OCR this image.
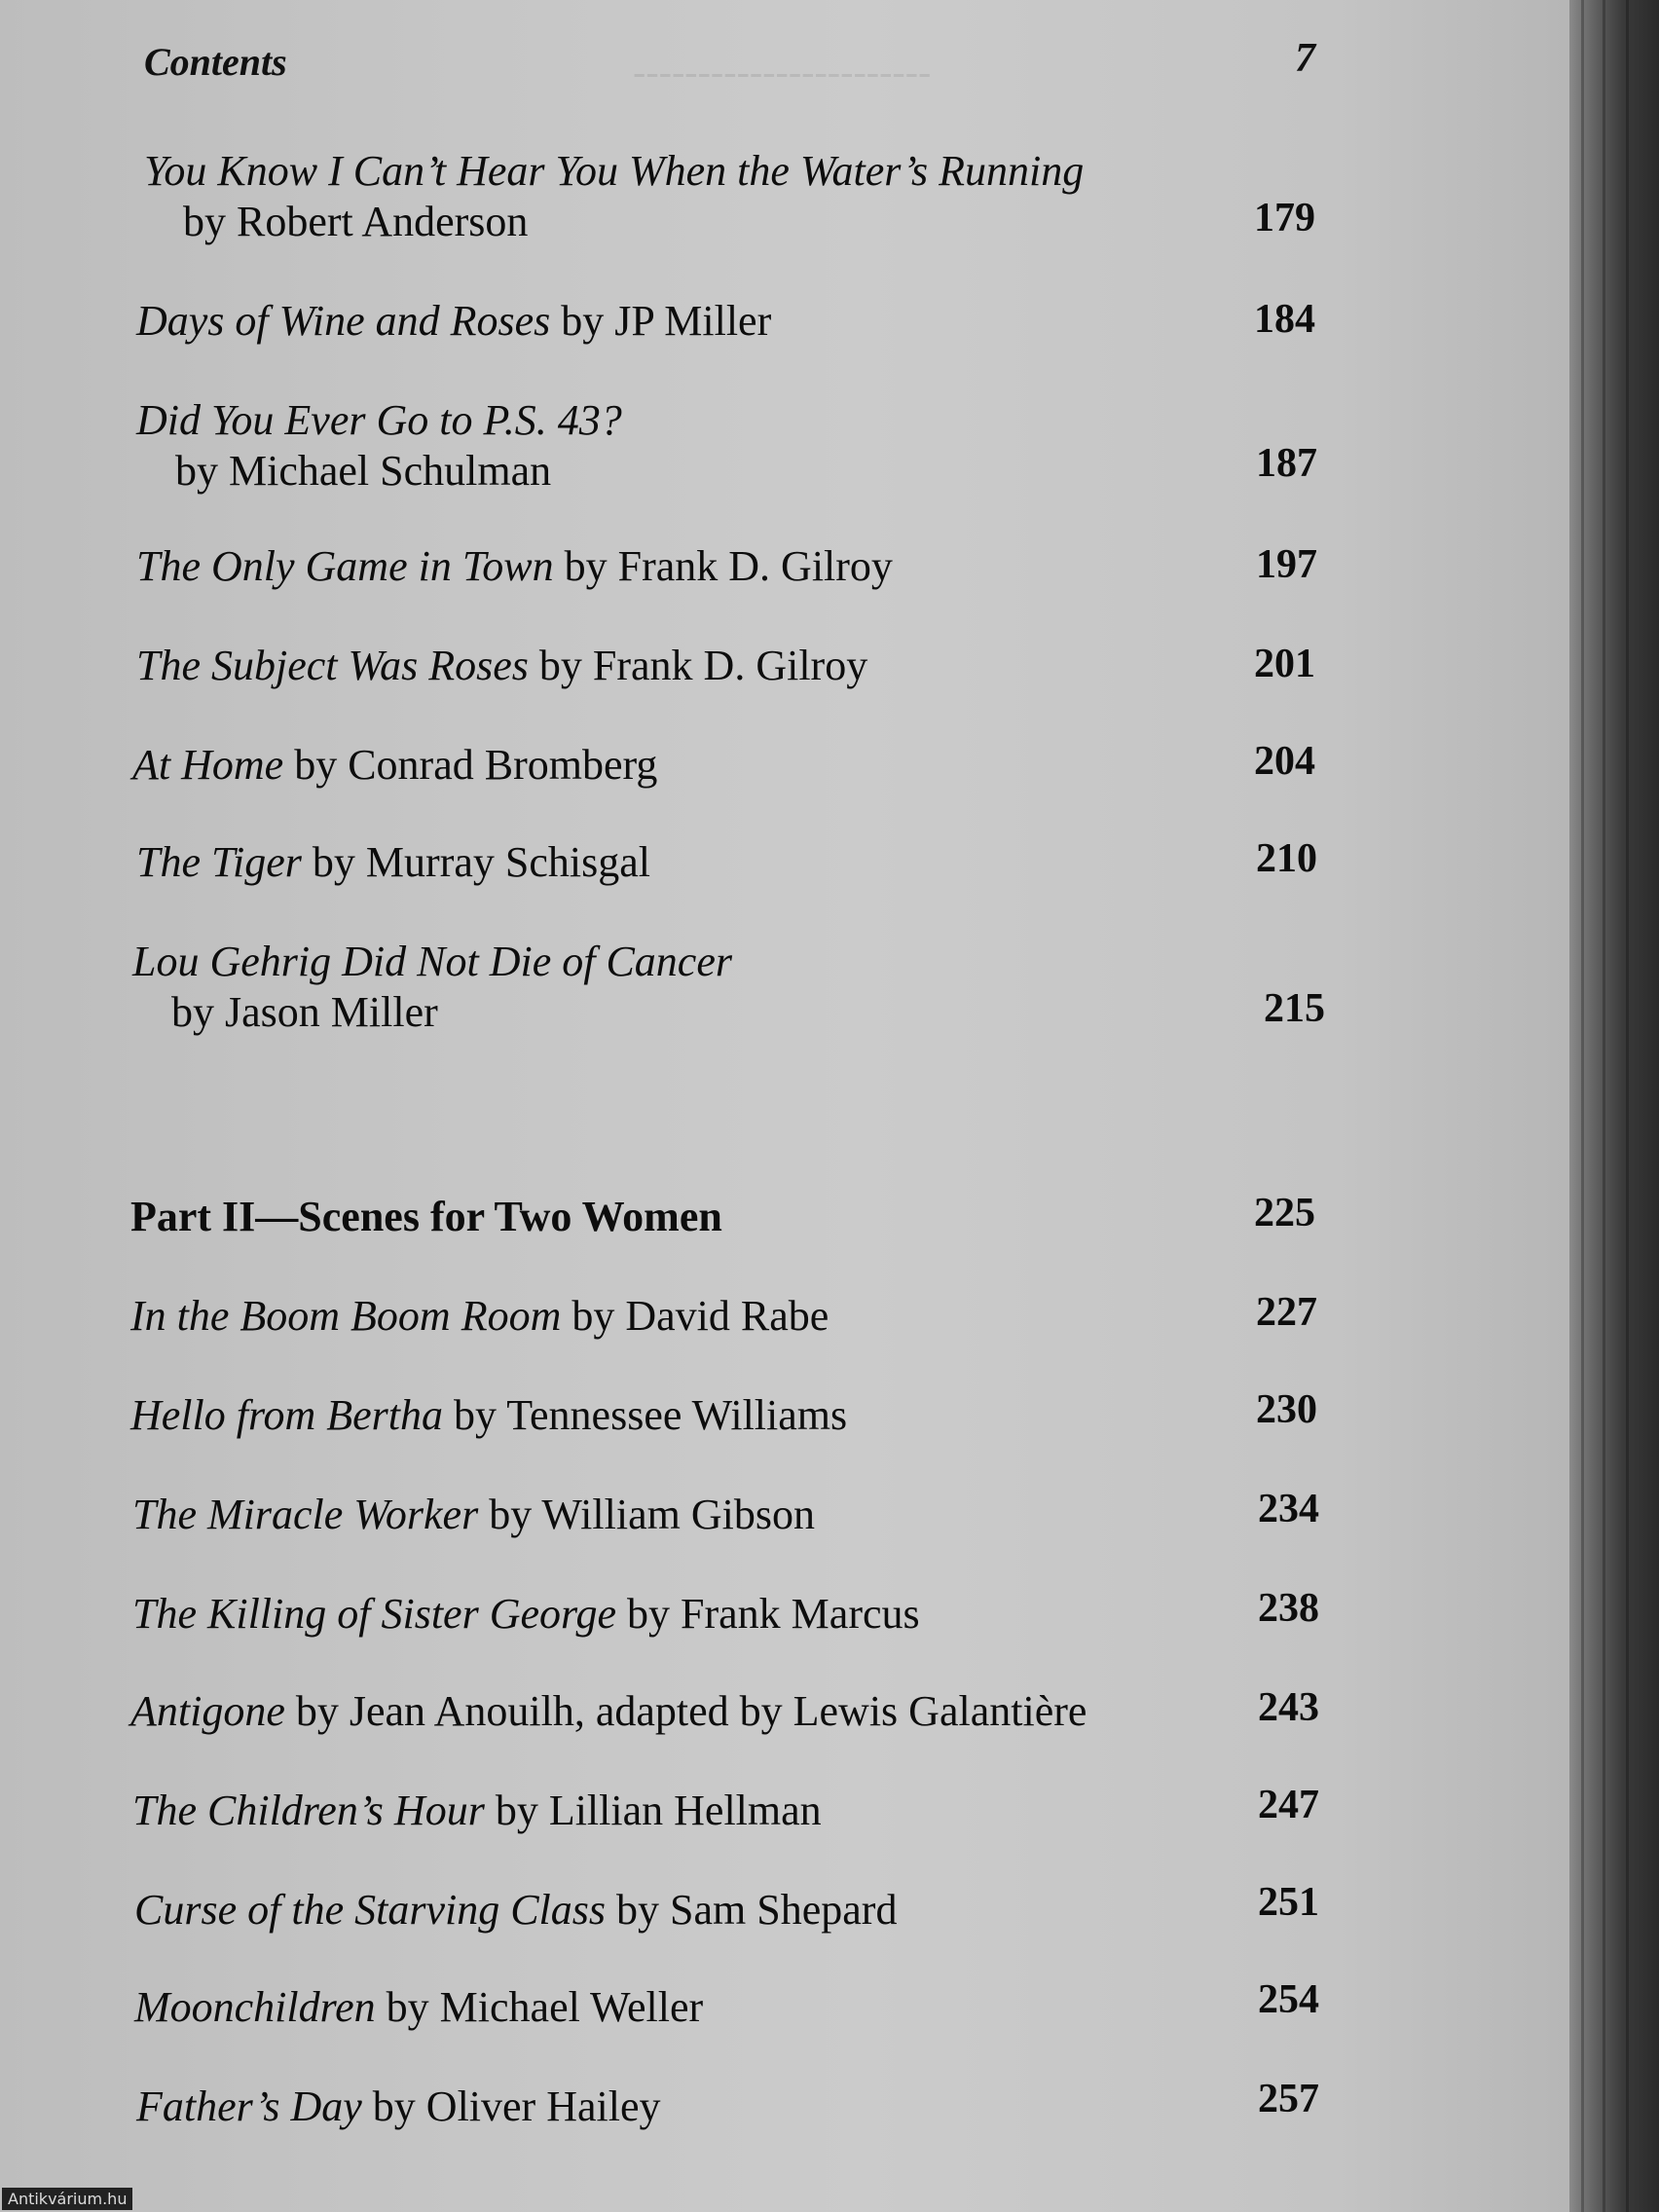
-----------------------
Contents	7
You Know I Can’t Hear You When the Water’s Running
by Robert Anderson	179
Days of Wine and Roses by JP Miller	184
Did You Ever Go to P.S. 43?
by Michael Schulman	187
The Only Game in Town by Frank D. Gilroy	197
The Subject Was Roses by Frank D. Gilroy	201
At Home by Conrad Bromberg	204
The Tiger by Murray Schisgal	210
Lou Gehrig Did Not Die of Cancer
by Jason Miller	215
Part II—Scenes for Two Women	225
In the Boom Boom Room by David Rabe	227
Hello from Bertha by Tennessee Williams	230
The Miracle Worker by William Gibson	234
The Killing of Sister George by Frank Marcus	238
Antigone by Jean Anouilh, adapted by Lewis Galantière	243
The Children’s Hour by Lillian Hellman	247
Curse of the Starving Class by Sam Shepard	251
Moonchildren by Michael Weller	254
Father’s Day by Oliver Hailey	257
Antikvárium.hu
